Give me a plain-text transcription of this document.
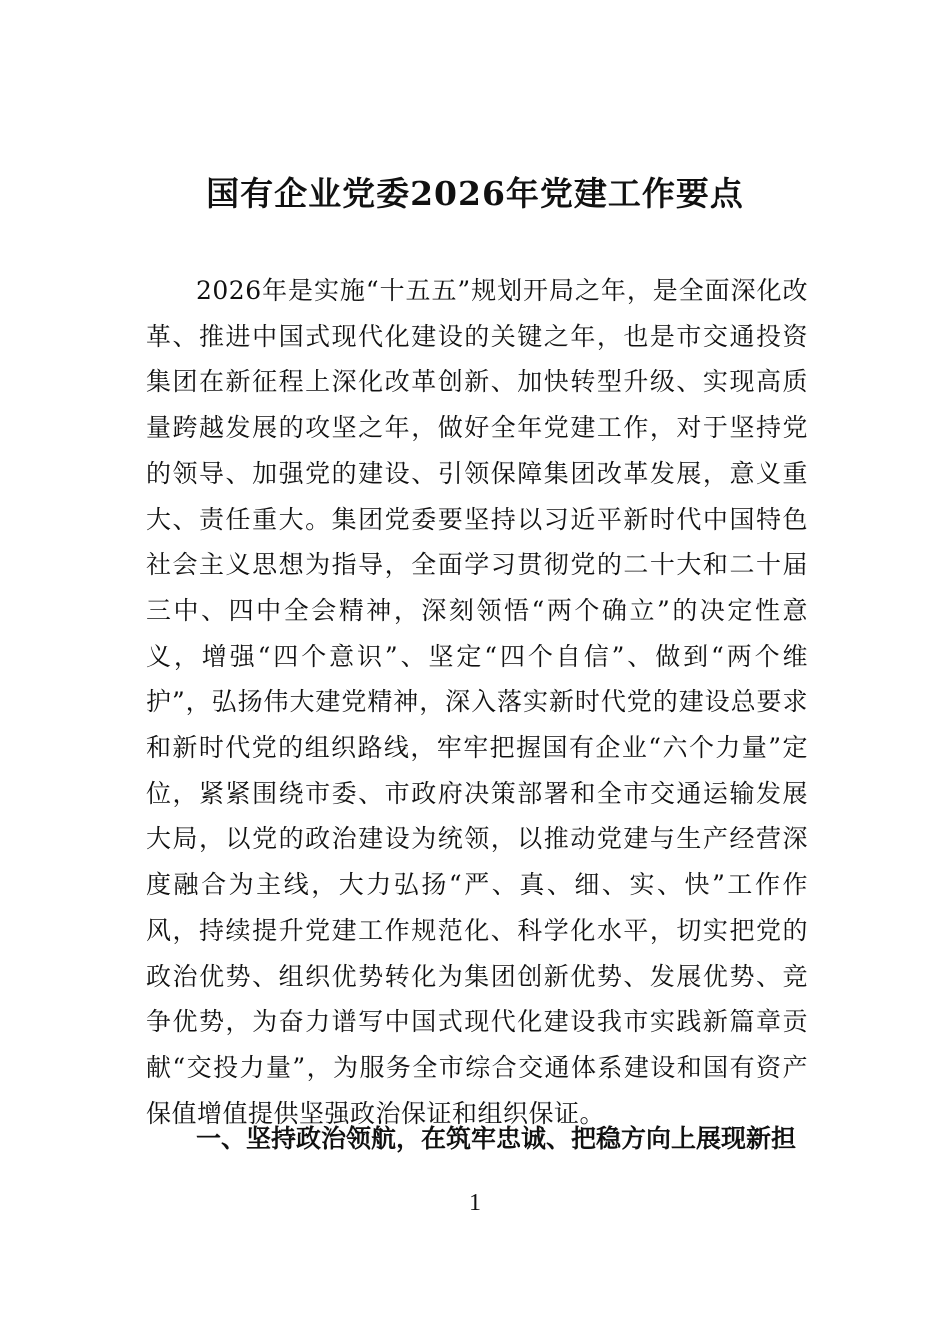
国有企业党委2026年党建工作要点

2026年是实施“十五五”规划开局之年，是全面深化改革、推进中国式现代化建设的关键之年，也是市交通投资集团在新征程上深化改革创新、加快转型升级、实现高质量跨越发展的攻坚之年，做好全年党建工作，对于坚持党的领导、加强党的建设、引领保障集团改革发展，意义重大、责任重大。集团党委要坚持以习近平新时代中国特色社会主义思想为指导，全面学习贯彻党的二十大和二十届三中、四中全会精神，深刻领悟“两个确立”的决定性意义，增强“四个意识”、坚定“四个自信”、做到“两个维护”，弘扬伟大建党精神，深入落实新时代党的建设总要求和新时代党的组织路线，牢牢把握国有企业“六个力量”定位，紧紧围绕市委、市政府决策部署和全市交通运输发展大局，以党的政治建设为统领，以推动党建与生产经营深度融合为主线，大力弘扬“严、真、细、实、快”工作作风，持续提升党建工作规范化、科学化水平，切实把党的政治优势、组织优势转化为集团创新优势、发展优势、竞争优势，为奋力谱写中国式现代化建设我市实践新篇章贡献“交投力量”，为服务全市综合交通体系建设和国有资产保值增值提供坚强政治保证和组织保证。

一、坚持政治领航，在筑牢忠诚、把稳方向上展现新担

1
